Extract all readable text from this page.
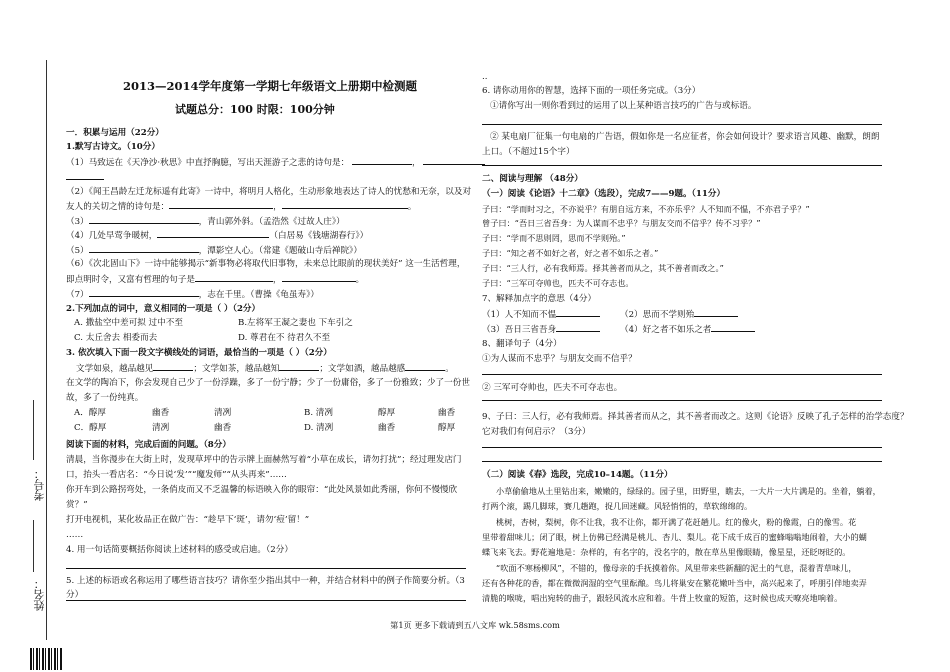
考号：
姓名：
2013—2014学年度第一学期七年级语文上册期中检测题
试题总分：100 时限：100分钟
一．积累与运用（22分）
1.默写古诗文。（10分）
（1）马致远在《天净沙·秋思》中直抒胸臆，写出天涯游子之悲的诗句是：	，
（2）《闻王昌龄左迁龙标遥有此寄》一诗中，将明月人格化，生动形象地表达了诗人的忧愁和无奈，以及对
友人的关切之情的诗句是：	，	。
（3）	，青山郭外斜。（孟浩然《过故人庄》）
（4）几处早莺争暖树，	（白居易《钱塘湖春行》）
（5）	，潭影空人心。（常建《题破山寺后禅院》）
（6）《次北固山下》一诗中能够揭示“新事物必将取代旧事物，未来总比眼前的现状美好” 这一生活哲理，
即点明时令，又富有哲理的句子是	，	。
（7）	，志在千里。（曹操《龟虽寿》）
2.下列加点的词中，意义相同的一项是（ ）（2分）
A. 撒盐空中差可拟 过中不至	B.左将军王凝之妻也 下车引之
C. 太丘舍去 相委而去	D. 尊君在不 待君久不至
3. 依次填入下面一段文字横线处的词语，最恰当的一项是（ ）（2分）
文学如泉，越品越见	；文学如茶，越品越知	；文学如酒，越品越感	。
在文学的陶冶下，你会发现自己少了一份浮躁，多了一份宁静；少了一份庸俗，多了一份雅致；少了一份世
故，多了一份纯真。
A．醇厚	幽香	清冽	B. 清冽	醇厚	幽香
C．醇厚	清冽	幽香	D. 清冽	幽香	醇厚
阅读下面的材料，完成后面的问题。（8分）
清晨，当你漫步在大街上时，发现草坪中的告示牌上面赫然写着“小草在成长，请勿打扰”；经过理发店门
口，抬头一看店名：“今日说‘发’”“魔发师”“从头再来”……
你开车到公路拐弯处，一条俏皮而又不乏温馨的标语映入你的眼帘：“此处风景如此秀丽，你何不慢慢欣
赏？”
打开电视机，某化妆品正在做广告：“趁早下‘斑’，请勿‘痘’留！”
……
4. 用一句话简要概括你阅读上述材料的感受或启迪。（2分）
5. 上述的标语或名称运用了哪些语言技巧？请你至少指出其中一种，并结合材料中的例子作简要分析。（3
分）
..
6. 请你动用你的智慧，选择下面的一项任务完成。（3分）
①请你写出一则你看到过的运用了以上某种语言技巧的广告与或标语。
② 某电扇厂征集一句电扇的广告语，假如你是一名应征者，你会如何设计？要求语言风趣、幽默，朗朗
上口。（不超过15个字）
二、阅读与理解 （48分）
（一）阅读《论语》十二章》（选段），完成7——9题。（11分）
子曰：“学而时习之，不亦说乎？有朋自远方来，不亦乐乎？人不知而不愠，不亦君子乎？”
曾子曰：“吾日三省吾身：为人谋而不忠乎？与朋友交而不信乎？传不习乎？”
子曰：“学而不思则罔，思而不学则殆。”
子曰：“知之者不如好之者，好之者不如乐之者。”
子曰：“三人行，必有我师焉。择其善者而从之，其不善者而改之。”
子曰：“三军可夺帅也，匹夫不可夺志也。
7、解释加点字的意思（4分）
（1）人不知而不愠	（2）思而不学则殆
（3）吾日三省吾身	（4）好之者不如乐之者
8、翻译句子（4分）
①为人谋而不忠乎？与朋友交而不信乎？
② 三军可夺帅也，匹夫不可夺志也。
9、子曰：三人行，必有我师焉。择其善者而从之，其不善者而改之。这则《论语》反映了孔子怎样的治学态度？
它对我们有何启示？（3分）
（二）阅读《春》选段，完成10–14题。（11分）
小草偷偷地从土里钻出来，嫩嫩的，绿绿的。园子里，田野里，瞧去，一大片一大片满是的。坐着，躺着，
打两个滚，踢几脚球，赛几趟跑，捉几回迷藏。风轻悄悄的，草软绵绵的。
桃树，杏树，梨树，你不让我，我不让你，都开满了花赶趟儿。红的像火，粉的像霞，白的像雪。花
里带着甜味儿；闭了眼，树上仿佛已经满是桃儿、杏儿、梨儿。花下成千成百的蜜蜂嗡嗡地闹着，大小的蝴
蝶飞来飞去。野花遍地是：杂样的，有名字的，没名字的，散在草丛里像眼睛，像星星，还眨呀眨的。
“吹面不寒杨柳风”，不错的，像母亲的手抚摸着你。风里带来些新翻的泥土的气息，混着青草味儿，
还有各种花的香，都在微微润湿的空气里酝酿。鸟儿将巢安在繁花嫩叶当中，高兴起来了，呼朋引伴地卖弄
清脆的喉咙，唱出宛转的曲子，跟轻风流水应和着。牛背上牧童的短笛，这时候也成天嘹亮地响着。
第1页 更多下载请到五八文库 wk.58sms.com
